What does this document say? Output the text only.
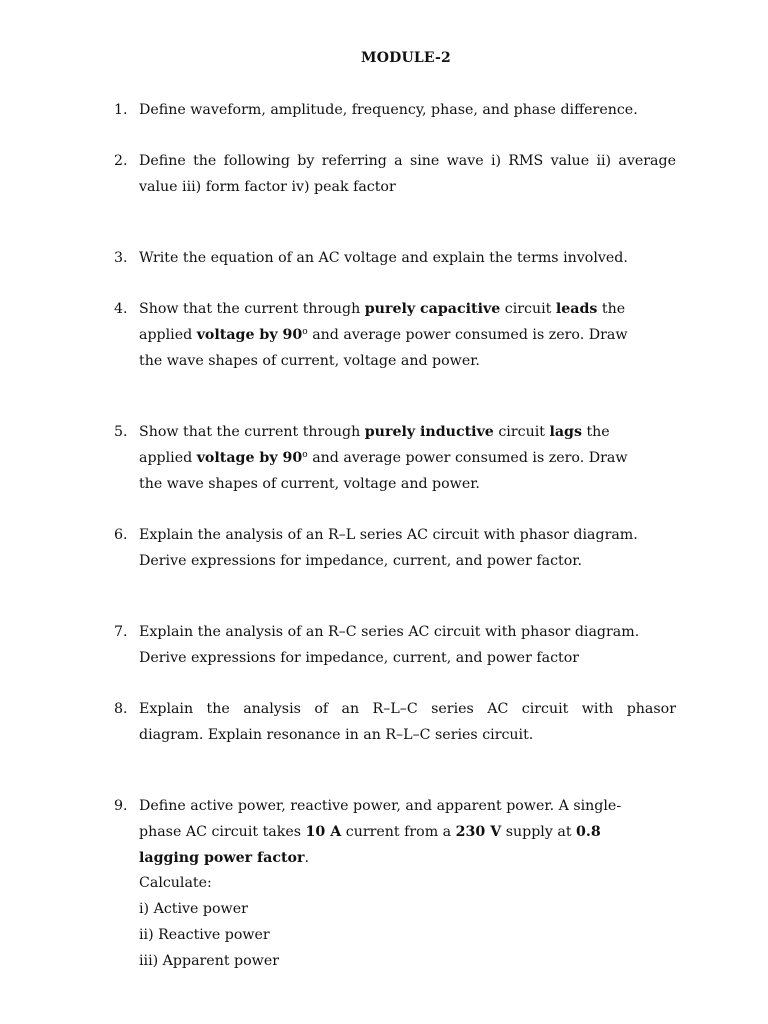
MODULE-2
1. Define waveform, amplitude, frequency, phase, and phase difference.
2. Define the following by referring a sine wave i) RMS value ii) average
value iii) form factor iv) peak factor
3. Write the equation of an AC voltage and explain the terms involved.
4. Show that the current through purely capacitive circuit leads the
applied voltage by 90$^o$ and average power consumed is zero. Draw
the wave shapes of current, voltage and power.
5. Show that the current through purely inductive circuit lags the
applied voltage by 90$^o$ and average power consumed is zero. Draw
the wave shapes of current, voltage and power.
6. Explain the analysis of an R–L series AC circuit with phasor diagram.
Derive expressions for impedance, current, and power factor.
7. Explain the analysis of an R–C series AC circuit with phasor diagram.
Derive expressions for impedance, current, and power factor
8. Explain the analysis of an R–L–C series AC circuit with phasor
diagram. Explain resonance in an R–L–C series circuit.
9. Define active power, reactive power, and apparent power. A single-
phase AC circuit takes 10 A current from a 230 V supply at 0.8
lagging power factor.
Calculate:
i) Active power
ii) Reactive power
iii) Apparent power
